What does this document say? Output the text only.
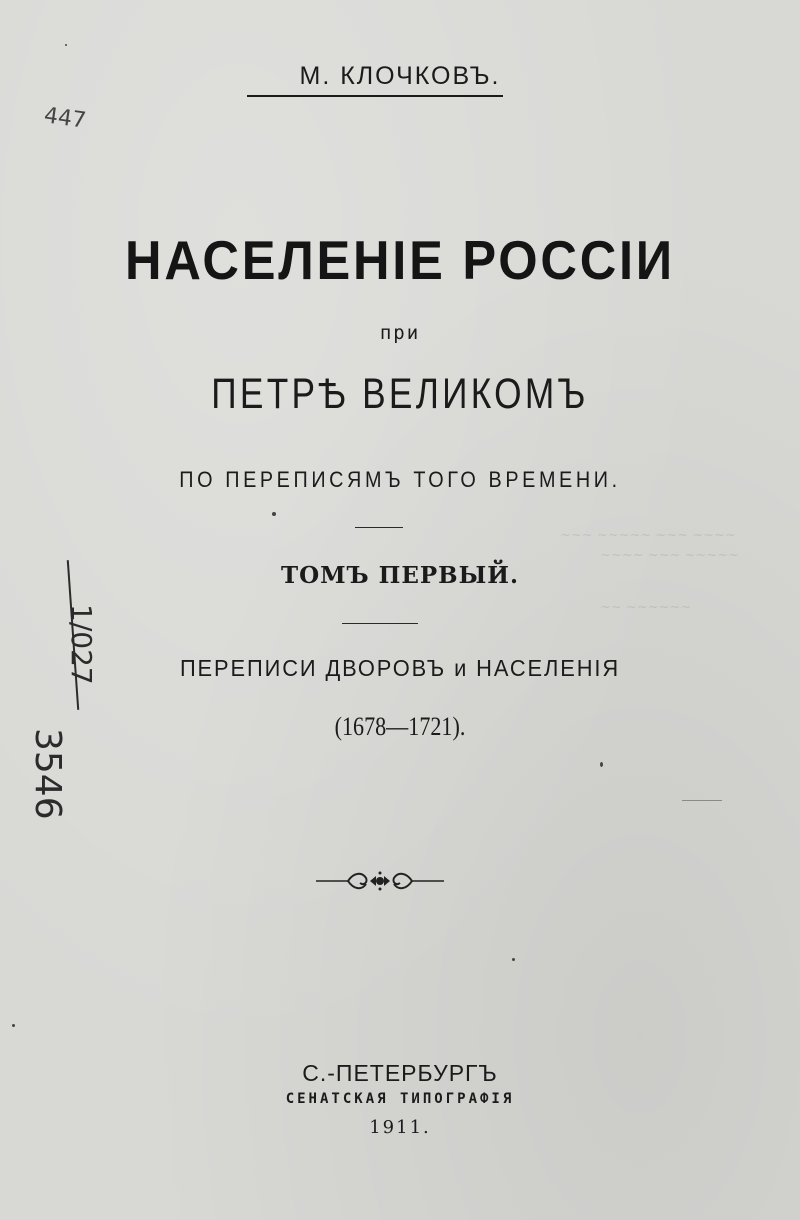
~~~ ~~~~~ ~~~ ~~~~
~~~~ ~~~ ~~~~~
~~ ~~~~~~
М. КЛОЧКОВЪ.
447
НАСЕЛЕНІЕ РОССІИ
при
ПЕТРѢ ВЕЛИКОМЪ
ПО ПЕРЕПИСЯМЪ ТОГО ВРЕМЕНИ.
ТОМЪ ПЕРВЫЙ.
ПЕРЕПИСИ ДВОРОВЪ и НАСЕЛЕНІЯ
(1678—1721).
1/027
3546
С.-ПЕТЕРБУРГЪ
СЕНАТСКАЯ ТИПОГРАФІЯ
1911.
